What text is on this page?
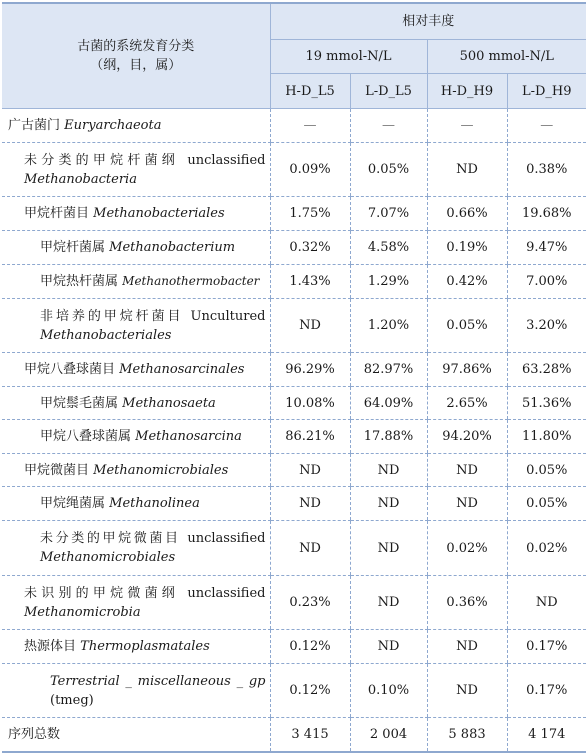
古菌的系统发育分类
（纲，目，属）	相对丰度			
	19 mmol-N/L		500 mmol-N/L	
	H-D_L5	L-D_L5	H-D_H9	L-D_H9
广古菌门 Euryarchaeota	—	—	—	—

未分类的甲烷杆菌纲 unclassified
Methanobacteria	0.09%	0.05%	ND	0.38%
甲烷杆菌目 Methanobacteriales	1.75%	7.07%	0.66%	19.68%
甲烷杆菌属 Methanobacterium	0.32%	4.58%	0.19%	9.47%
甲烷热杆菌属 Methanothermobacter	1.43%	1.29%	0.42%	7.00%

非培养的甲烷杆菌目 Uncultured
Methanobacteriales	ND	1.20%	0.05%	3.20%
甲烷八叠球菌目 Methanosarcinales	96.29%	82.97%	97.86%	63.28%
甲烷鬃毛菌属 Methanosaeta	10.08%	64.09%	2.65%	51.36%
甲烷八叠球菌属 Methanosarcina	86.21%	17.88%	94.20%	11.80%
甲烷微菌目 Methanomicrobiales	ND	ND	ND	0.05%
甲烷绳菌属 Methanolinea	ND	ND	ND	0.05%

未分类的甲烷微菌目 unclassified
Methanomicrobiales	ND	ND	0.02%	0.02%

未识别的甲烷微菌纲 unclassified
Methanomicrobia	0.23%	ND	0.36%	ND
热源体目 Thermoplasmatales	0.12%	ND	ND	0.17%

Terrestrial _ miscellaneous _ gp
(tmeg)	0.12%	0.10%	ND	0.17%
序列总数	3 415	2 004	5 883	4 174
